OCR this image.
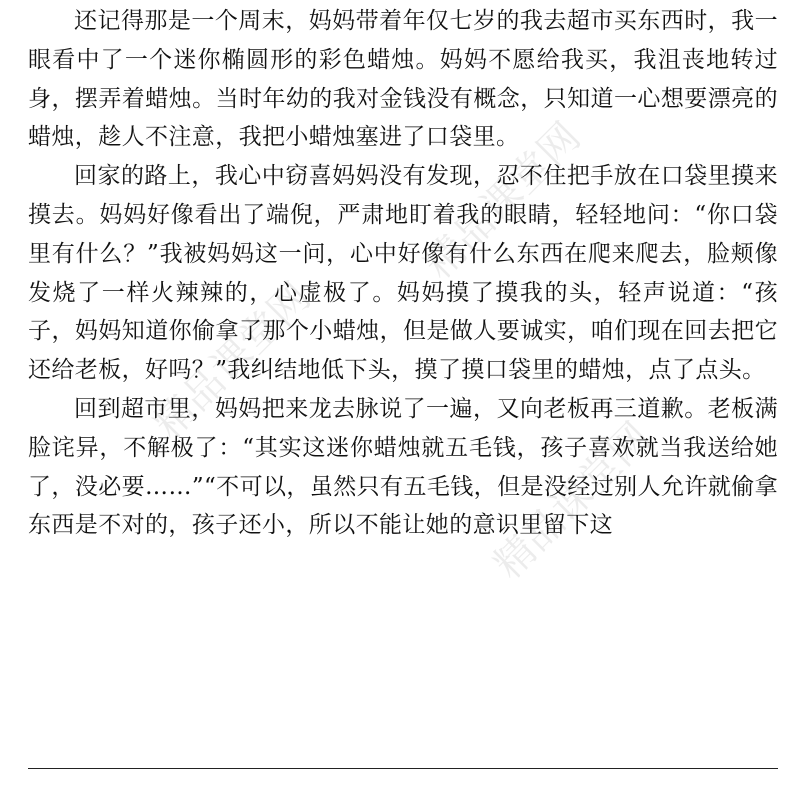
精品课堂网
精品课堂网
精品课堂网

还记得那是一个周末，妈妈带着年仅七岁的我去超市买东西时，我一眼看中了一个迷你椭圆形的彩色蜡烛。妈妈不愿给我买，我沮丧地转过身，摆弄着蜡烛。当时年幼的我对金钱没有概念，只知道一心想要漂亮的蜡烛，趁人不注意，我把小蜡烛塞进了口袋里。

回家的路上，我心中窃喜妈妈没有发现，忍不住把手放在口袋里摸来摸去。妈妈好像看出了端倪，严肃地盯着我的眼睛，轻轻地问：“你口袋里有什么？”我被妈妈这一问，心中好像有什么东西在爬来爬去，脸颊像发烧了一样火辣辣的，心虚极了。妈妈摸了摸我的头，轻声说道：“孩子，妈妈知道你偷拿了那个小蜡烛，但是做人要诚实，咱们现在回去把它还给老板，好吗？”我纠结地低下头，摸了摸口袋里的蜡烛，点了点头。

回到超市里，妈妈把来龙去脉说了一遍，又向老板再三道歉。老板满脸诧异，不解极了：“其实这迷你蜡烛就五毛钱，孩子喜欢就当我送给她了，没必要……”“不可以，虽然只有五毛钱，但是没经过别人允许就偷拿东西是不对的，孩子还小，所以不能让她的意识里留下这
